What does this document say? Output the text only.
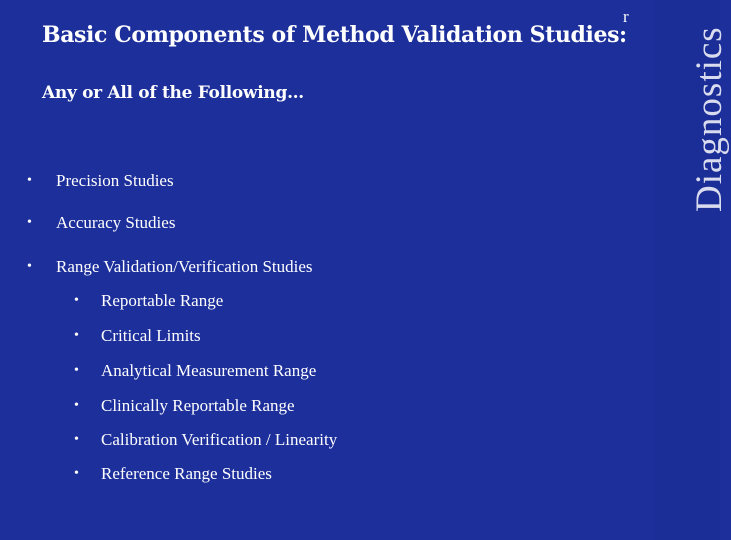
Basic Components of Method Validation Studies:
Any or All of the Following…
r
Diagnostics
• Precision Studies
• Accuracy Studies
• Range Validation/Verification Studies
• Reportable Range
• Critical Limits
• Analytical Measurement Range
• Clinically Reportable Range
• Calibration Verification / Linearity
• Reference Range Studies
